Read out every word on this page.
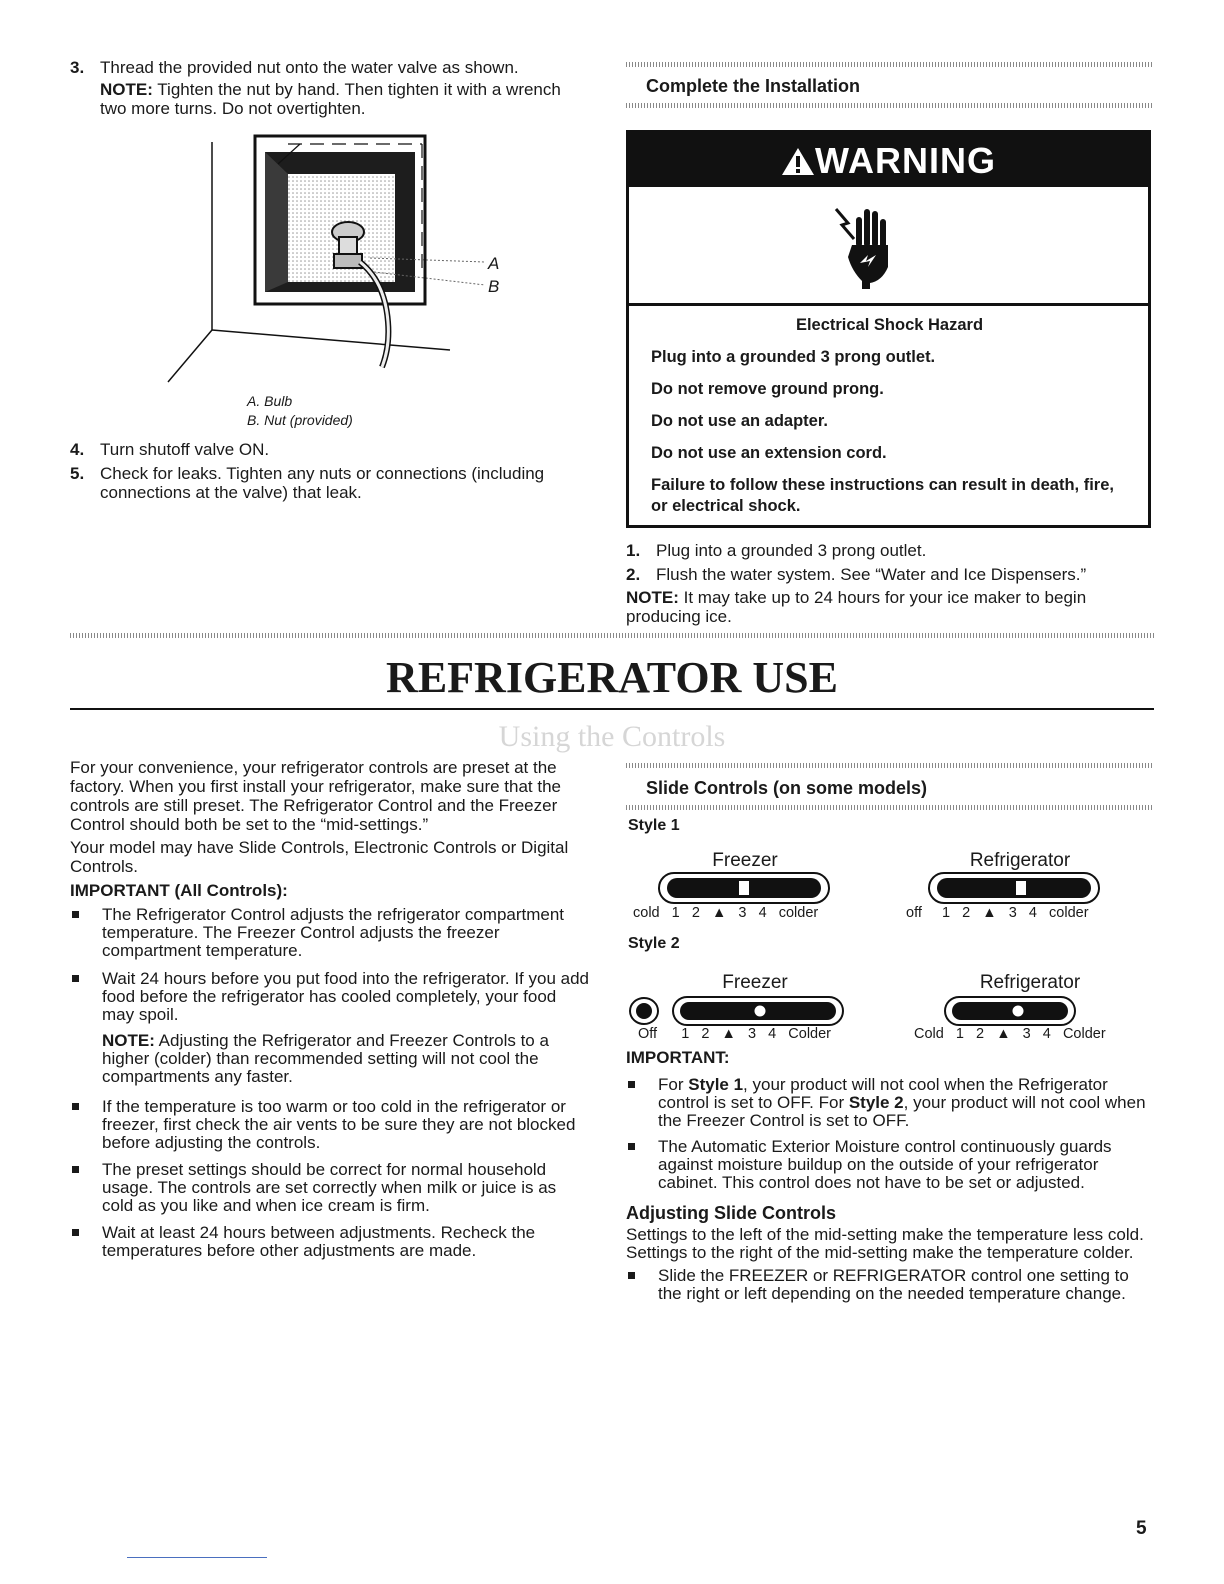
3. Thread the provided nut onto the water valve as shown.
NOTE: Tighten the nut by hand. Then tighten it with a wrench two more turns. Do not overtighten.
A
B
A. Bulb
B. Nut (provided)
4. Turn shutoff valve ON.
5. Check for leaks. Tighten any nuts or connections (including connections at the valve) that leak.
Complete the Installation
WARNING
Electrical Shock Hazard
Plug into a grounded 3 prong outlet.
Do not remove ground prong.
Do not use an adapter.
Do not use an extension cord.
Failure to follow these instructions can result in death, fire, or electrical shock.
1. Plug into a grounded 3 prong outlet.
2. Flush the water system. See “Water and Ice Dispensers.”

NOTE: It may take up to 24 hours for your ice maker to begin producing ice.

REFRIGERATOR USE
Using the Controls

For your convenience, your refrigerator controls are preset at the factory. When you first install your refrigerator, make sure that the controls are still preset. The Refrigerator Control and the Freezer Control should both be set to the “mid-settings.”

Your model may have Slide Controls, Electronic Controls or Digital Controls.

IMPORTANT (All Controls):

The Refrigerator Control adjusts the refrigerator compartment temperature. The Freezer Control adjusts the freezer compartment temperature.
Wait 24 hours before you put food into the refrigerator. If you add food before the refrigerator has cooled completely, your food may spoil.

NOTE: Adjusting the Refrigerator and Freezer Controls to a higher (colder) than recommended setting will not cool the compartments any faster.

If the temperature is too warm or too cold in the refrigerator or freezer, first check the air vents to be sure they are not blocked before adjusting the controls.
The preset settings should be correct for normal household usage. The controls are set correctly when milk or juice is as cold as you like and when ice cream is firm.
Wait at least 24 hours between adjustments. Recheck the temperatures before other adjustments are made.
Slide Controls (on some models)
Style 1
Freezer	Refrigerator
cold   1   2   ▲   3   4   colder	off     1   2   ▲   3   4   colder
Style 2
Freezer	Refrigerator
Off      1   2   ▲   3   4   Colder	Cold   1   2   ▲   3   4   Colder

IMPORTANT:

For Style 1, your product will not cool when the Refrigerator control is set to OFF. For Style 2, your product will not cool when the Freezer Control is set to OFF.
The Automatic Exterior Moisture control continuously guards against moisture buildup on the outside of your refrigerator cabinet. This control does not have to be set or adjusted.

Adjusting Slide Controls

Settings to the left of the mid-setting make the temperature less cold. Settings to the right of the mid-setting make the temperature colder.

Slide the FREEZER or REFRIGERATOR control one setting to the right or left depending on the needed temperature change.
5
